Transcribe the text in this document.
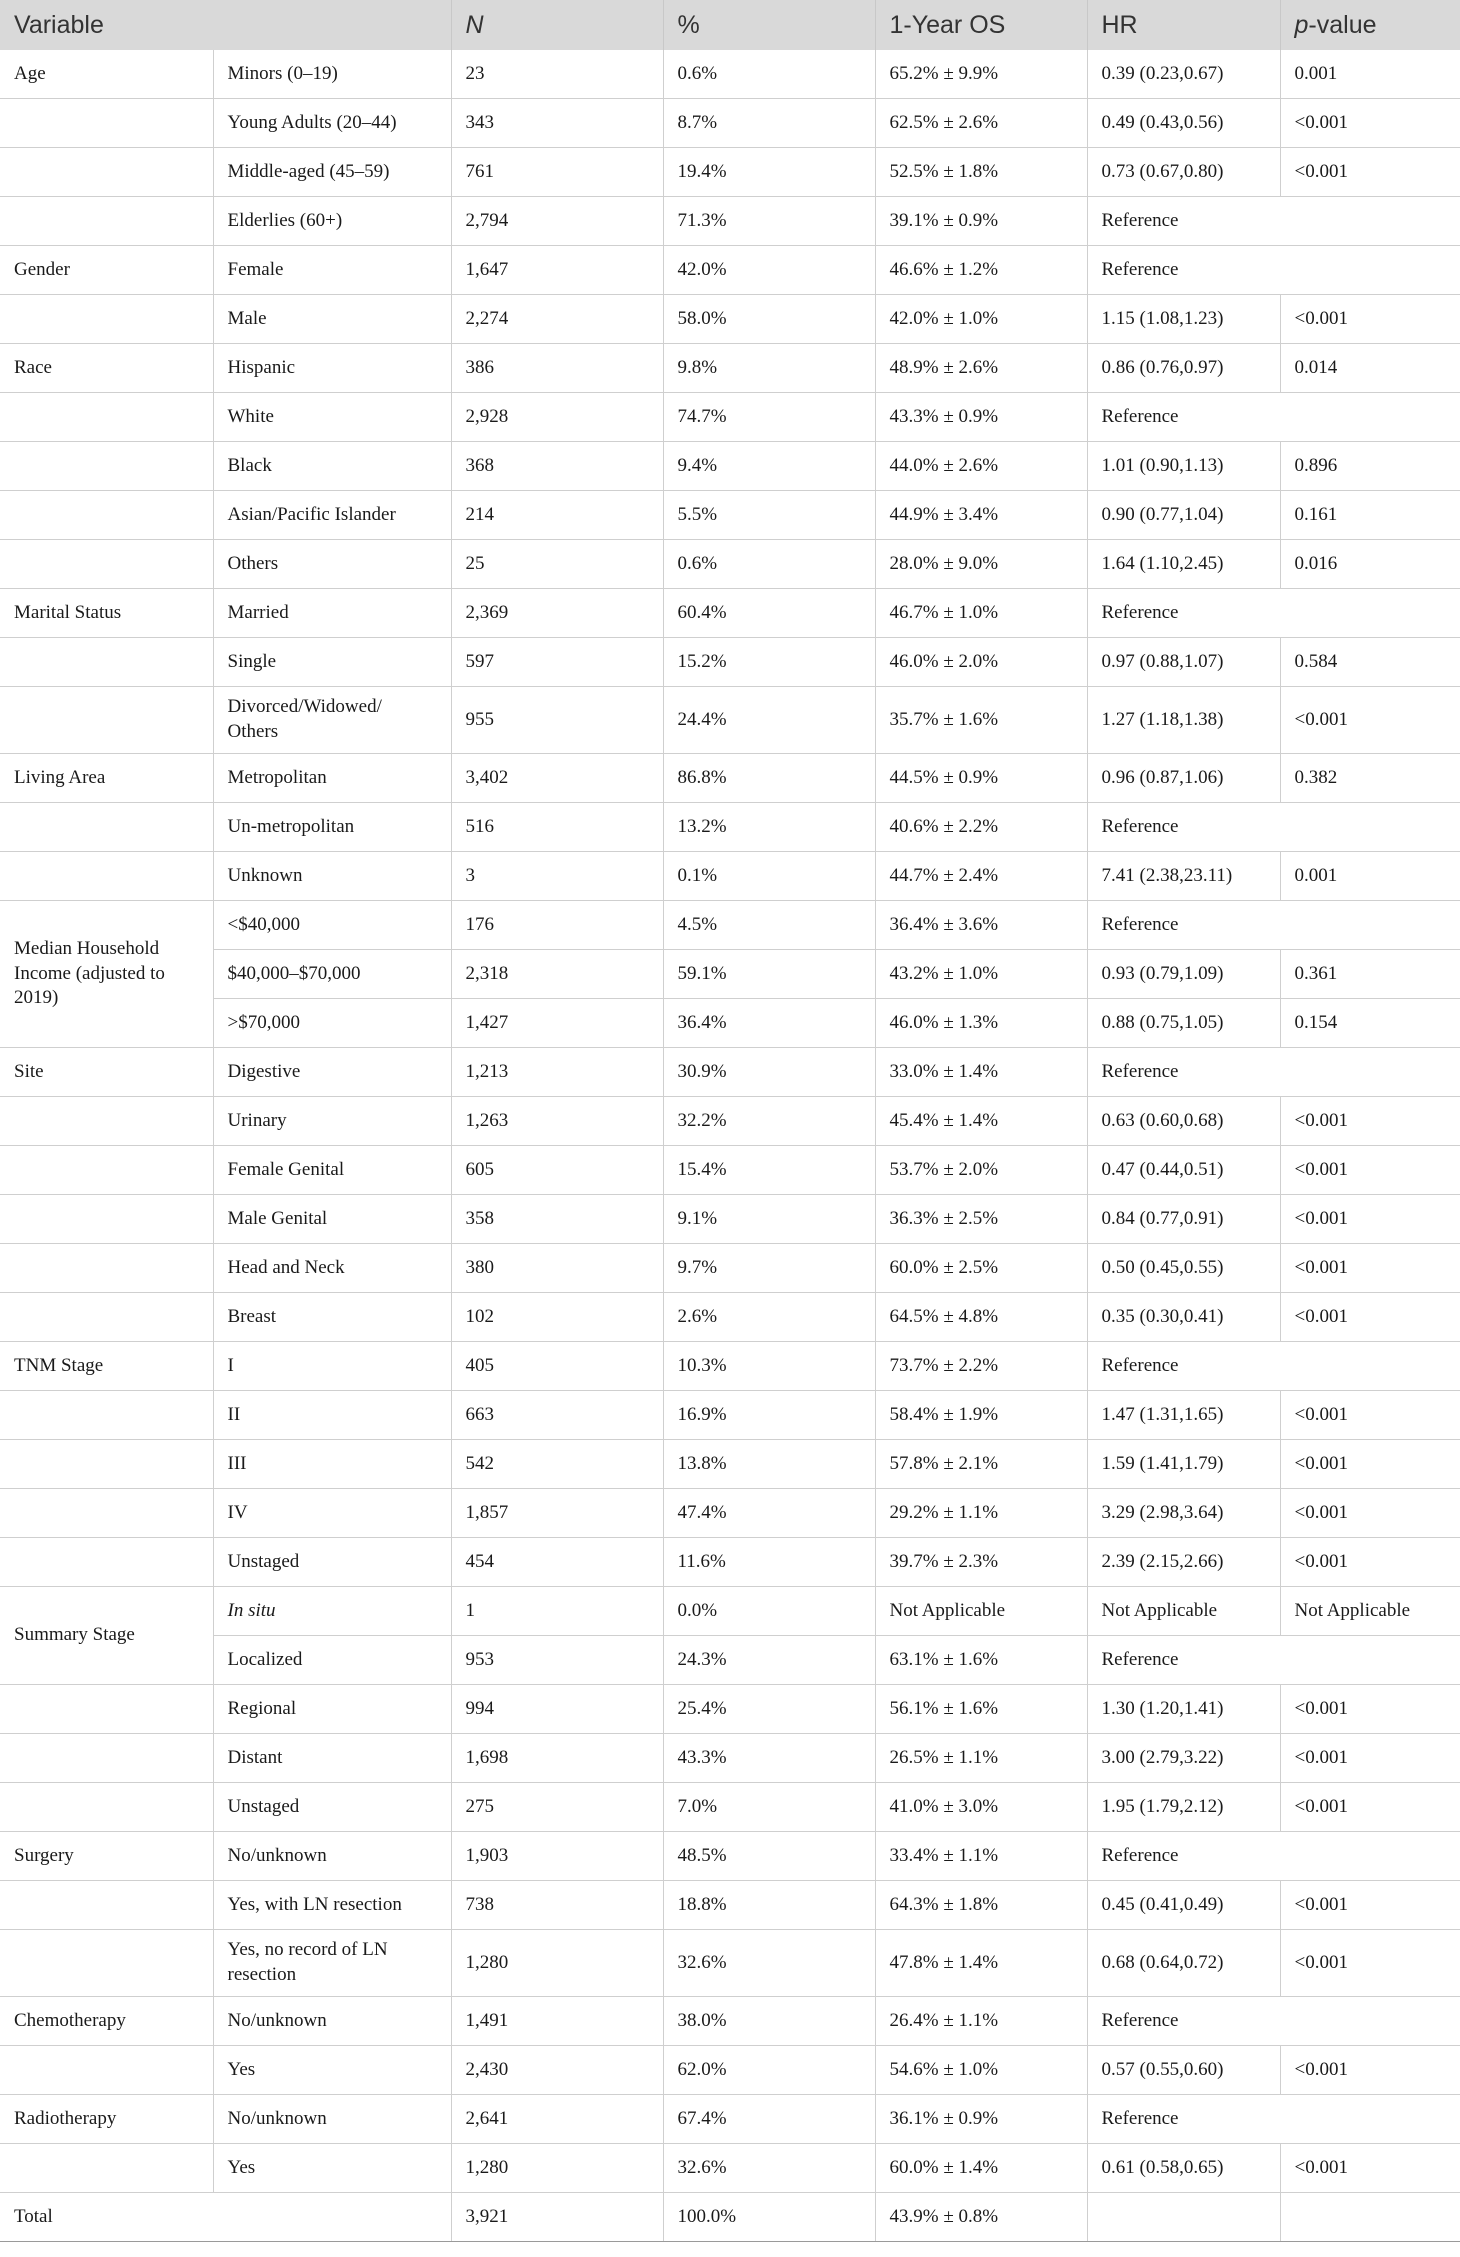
Variable		N	%	1-Year OS	HR	p-value
Age	Minors (0–19)	23	0.6%	65.2% ± 9.9%	0.39 (0.23,0.67)	0.001
	Young Adults (20–44)	343	8.7%	62.5% ± 2.6%	0.49 (0.43,0.56)	<0.001
	Middle-aged (45–59)	761	19.4%	52.5% ± 1.8%	0.73 (0.67,0.80)	<0.001
	Elderlies (60+)	2,794	71.3%	39.1% ± 0.9%	Reference	
Gender	Female	1,647	42.0%	46.6% ± 1.2%	Reference	
	Male	2,274	58.0%	42.0% ± 1.0%	1.15 (1.08,1.23)	<0.001
Race	Hispanic	386	9.8%	48.9% ± 2.6%	0.86 (0.76,0.97)	0.014
	White	2,928	74.7%	43.3% ± 0.9%	Reference	
	Black	368	9.4%	44.0% ± 2.6%	1.01 (0.90,1.13)	0.896
	Asian/Pacific Islander	214	5.5%	44.9% ± 3.4%	0.90 (0.77,1.04)	0.161
	Others	25	0.6%	28.0% ± 9.0%	1.64 (1.10,2.45)	0.016
Marital Status	Married	2,369	60.4%	46.7% ± 1.0%	Reference	
	Single	597	15.2%	46.0% ± 2.0%	0.97 (0.88,1.07)	0.584
	Divorced/Widowed/ Others	955	24.4%	35.7% ± 1.6%	1.27 (1.18,1.38)	<0.001
Living Area	Metropolitan	3,402	86.8%	44.5% ± 0.9%	0.96 (0.87,1.06)	0.382
	Un-metropolitan	516	13.2%	40.6% ± 2.2%	Reference	
	Unknown	3	0.1%	44.7% ± 2.4%	7.41 (2.38,23.11)	0.001
Median Household Income (adjusted to 2019)	<$40,000	176	4.5%	36.4% ± 3.6%	Reference	
	$40,000–$70,000	2,318	59.1%	43.2% ± 1.0%	0.93 (0.79,1.09)	0.361
	>$70,000	1,427	36.4%	46.0% ± 1.3%	0.88 (0.75,1.05)	0.154
Site	Digestive	1,213	30.9%	33.0% ± 1.4%	Reference	
	Urinary	1,263	32.2%	45.4% ± 1.4%	0.63 (0.60,0.68)	<0.001
	Female Genital	605	15.4%	53.7% ± 2.0%	0.47 (0.44,0.51)	<0.001
	Male Genital	358	9.1%	36.3% ± 2.5%	0.84 (0.77,0.91)	<0.001
	Head and Neck	380	9.7%	60.0% ± 2.5%	0.50 (0.45,0.55)	<0.001
	Breast	102	2.6%	64.5% ± 4.8%	0.35 (0.30,0.41)	<0.001
TNM Stage	I	405	10.3%	73.7% ± 2.2%	Reference	
	II	663	16.9%	58.4% ± 1.9%	1.47 (1.31,1.65)	<0.001
	III	542	13.8%	57.8% ± 2.1%	1.59 (1.41,1.79)	<0.001
	IV	1,857	47.4%	29.2% ± 1.1%	3.29 (2.98,3.64)	<0.001
	Unstaged	454	11.6%	39.7% ± 2.3%	2.39 (2.15,2.66)	<0.001
Summary Stage	In situ	1	0.0%	Not Applicable	Not Applicable	Not Applicable
	Localized	953	24.3%	63.1% ± 1.6%	Reference	
	Regional	994	25.4%	56.1% ± 1.6%	1.30 (1.20,1.41)	<0.001
	Distant	1,698	43.3%	26.5% ± 1.1%	3.00 (2.79,3.22)	<0.001
	Unstaged	275	7.0%	41.0% ± 3.0%	1.95 (1.79,2.12)	<0.001
Surgery	No/unknown	1,903	48.5%	33.4% ± 1.1%	Reference	
	Yes, with LN resection	738	18.8%	64.3% ± 1.8%	0.45 (0.41,0.49)	<0.001
	Yes, no record of LN resection	1,280	32.6%	47.8% ± 1.4%	0.68 (0.64,0.72)	<0.001
Chemotherapy	No/unknown	1,491	38.0%	26.4% ± 1.1%	Reference	
	Yes	2,430	62.0%	54.6% ± 1.0%	0.57 (0.55,0.60)	<0.001
Radiotherapy	No/unknown	2,641	67.4%	36.1% ± 0.9%	Reference	
	Yes	1,280	32.6%	60.0% ± 1.4%	0.61 (0.58,0.65)	<0.001
Total		3,921	100.0%	43.9% ± 0.8%		
